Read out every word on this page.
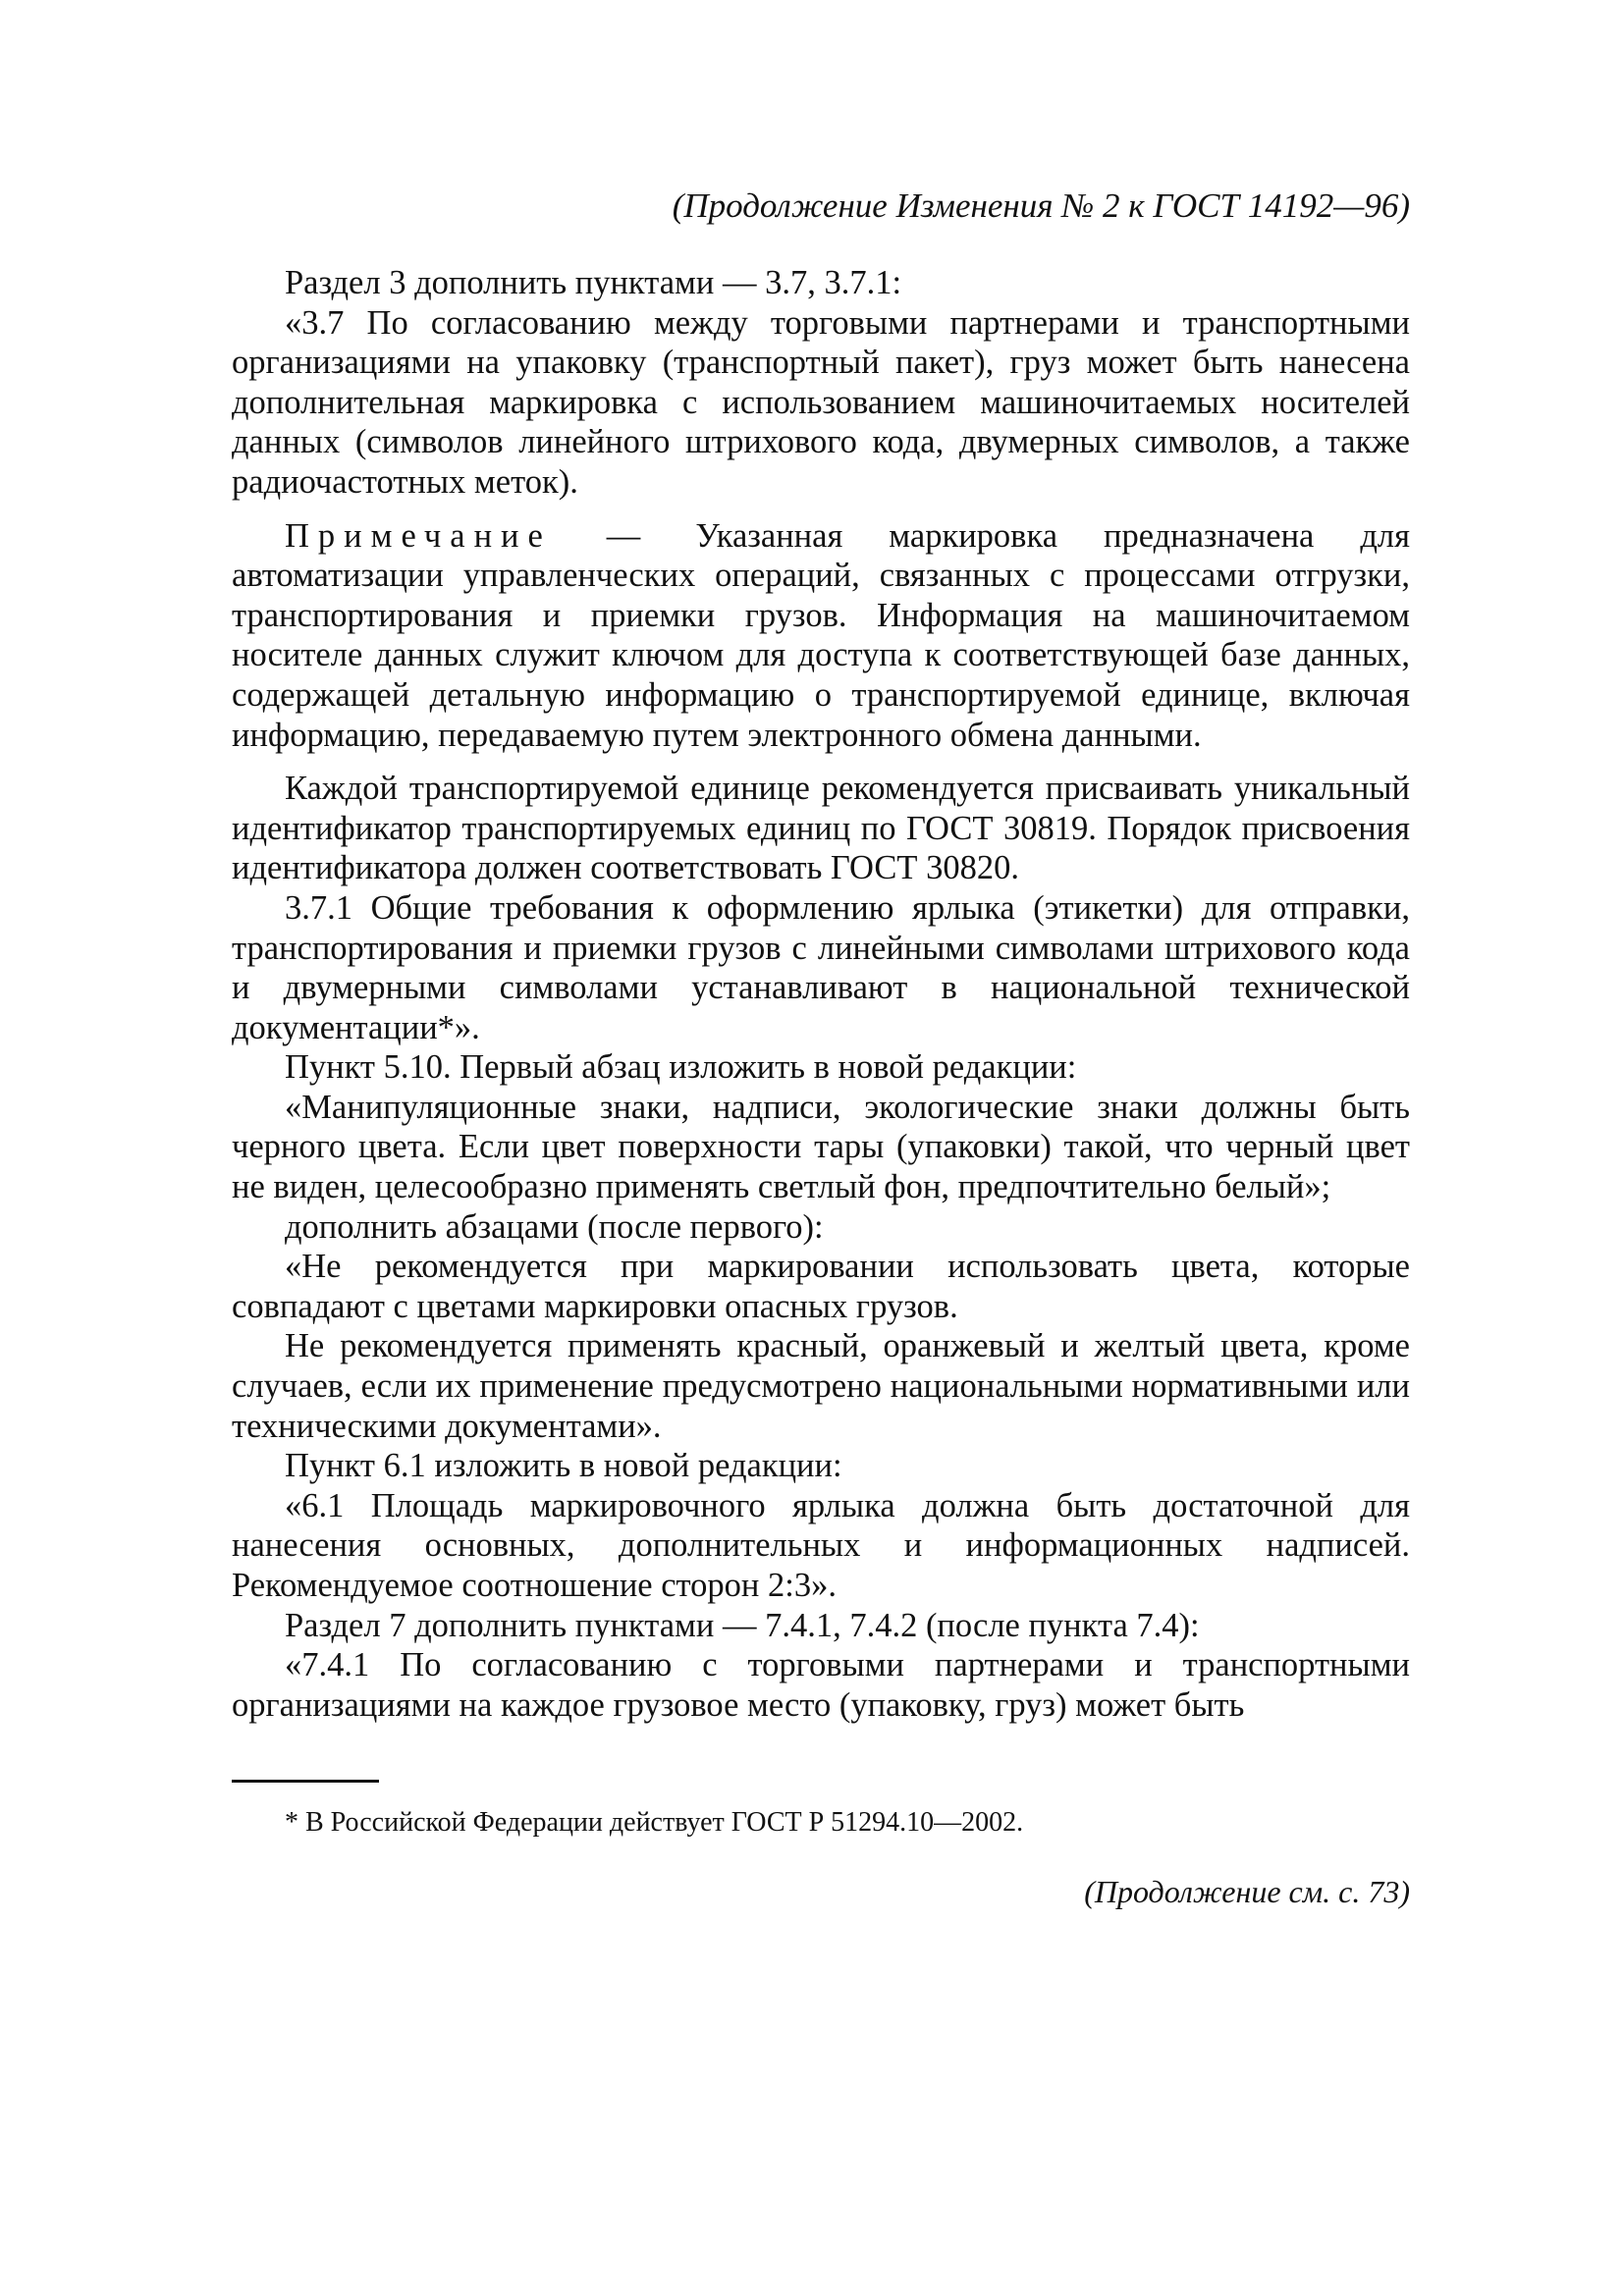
(Продолжение Изменения № 2 к ГОСТ 14192—96)

Раздел 3 дополнить пунктами — 3.7, 3.7.1:

«3.7 По согласованию между торговыми партнерами и транспортными организациями на упаковку (транспортный пакет), груз может быть нанесена дополнительная маркировка с использованием машиночитаемых носителей данных (символов линейного штрихового кода, двумерных символов, а также радиочастотных меток).

Примечание — Указанная маркировка предназначена для автоматизации управленческих операций, связанных с процессами отгрузки, транспортирования и приемки грузов. Информация на машиночитаемом носителе данных служит ключом для доступа к соответствующей базе данных, содержащей детальную информацию о транспортируемой единице, включая информацию, передаваемую путем электронного обмена данными.

Каждой транспортируемой единице рекомендуется присваивать уникальный идентификатор транспортируемых единиц по ГОСТ 30819. Порядок присвоения идентификатора должен соответствовать ГОСТ 30820.

3.7.1 Общие требования к оформлению ярлыка (этикетки) для отправки, транспортирования и приемки грузов с линейными символами штрихового кода и двумерными символами устанавливают в национальной технической документации*».

Пункт 5.10. Первый абзац изложить в новой редакции:

«Манипуляционные знаки, надписи, экологические знаки должны быть черного цвета. Если цвет поверхности тары (упаковки) такой, что черный цвет не виден, целесообразно применять светлый фон, предпочтительно белый»;

дополнить абзацами (после первого):

«Не рекомендуется при маркировании использовать цвета, которые совпадают с цветами маркировки опасных грузов.

Не рекомендуется применять красный, оранжевый и желтый цвета, кроме случаев, если их применение предусмотрено национальными нормативными или техническими документами».

Пункт 6.1 изложить в новой редакции:

«6.1 Площадь маркировочного ярлыка должна быть достаточной для нанесения основных, дополнительных и информационных надписей. Рекомендуемое соотношение сторон 2:3».

Раздел 7 дополнить пунктами — 7.4.1, 7.4.2 (после пункта 7.4):

«7.4.1 По согласованию с торговыми партнерами и транспортными организациями на каждое грузовое место (упаковку, груз) может быть

* В Российской Федерации действует ГОСТ Р 51294.10—2002.

(Продолжение см. с. 73)
